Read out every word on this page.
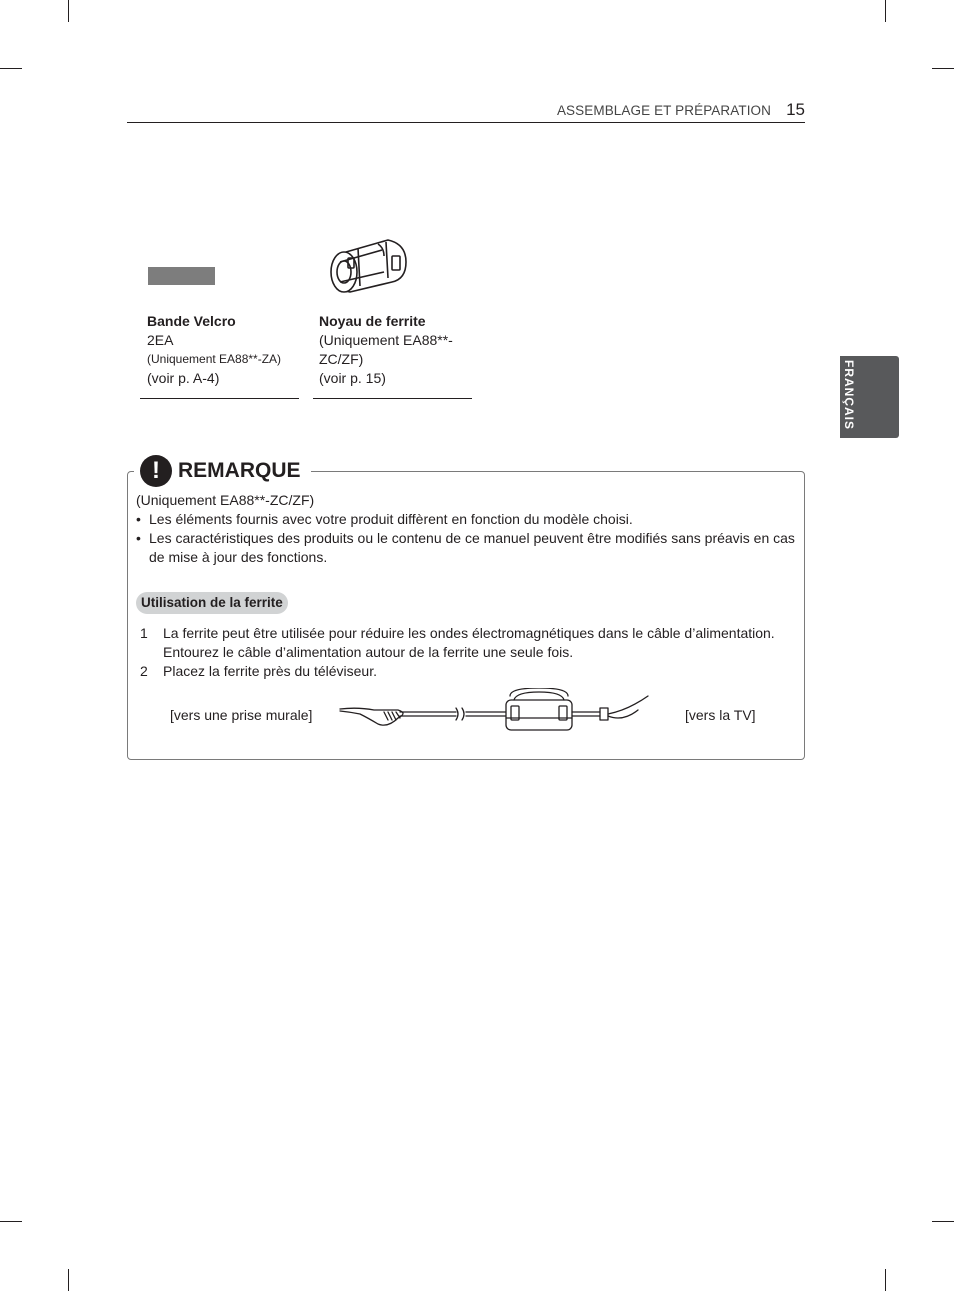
ASSEMBLAGE ET PRÉPARATION 15
FRANÇAIS
Bande Velcro
2EA
(Uniquement EA88**-ZA)
(voir p. A-4)
Noyau de ferrite
(Uniquement EA88**-
ZC/ZF)
(voir p. 15)
! REMARQUE
(Uniquement EA88**-ZC/ZF)
• Les éléments fournis avec votre produit diffèrent en fonction du modèle choisi.
• Les caractéristiques des produits ou le contenu de ce manuel peuvent être modifiés sans préavis en cas de mise à jour des fonctions.
Utilisation de la ferrite
1 La ferrite peut être utilisée pour réduire les ondes électromagnétiques dans le câble d’alimentation. Entourez le câble d’alimentation autour de la ferrite une seule fois.
2 Placez la ferrite près du téléviseur.
[vers une prise murale]	[vers la TV]
